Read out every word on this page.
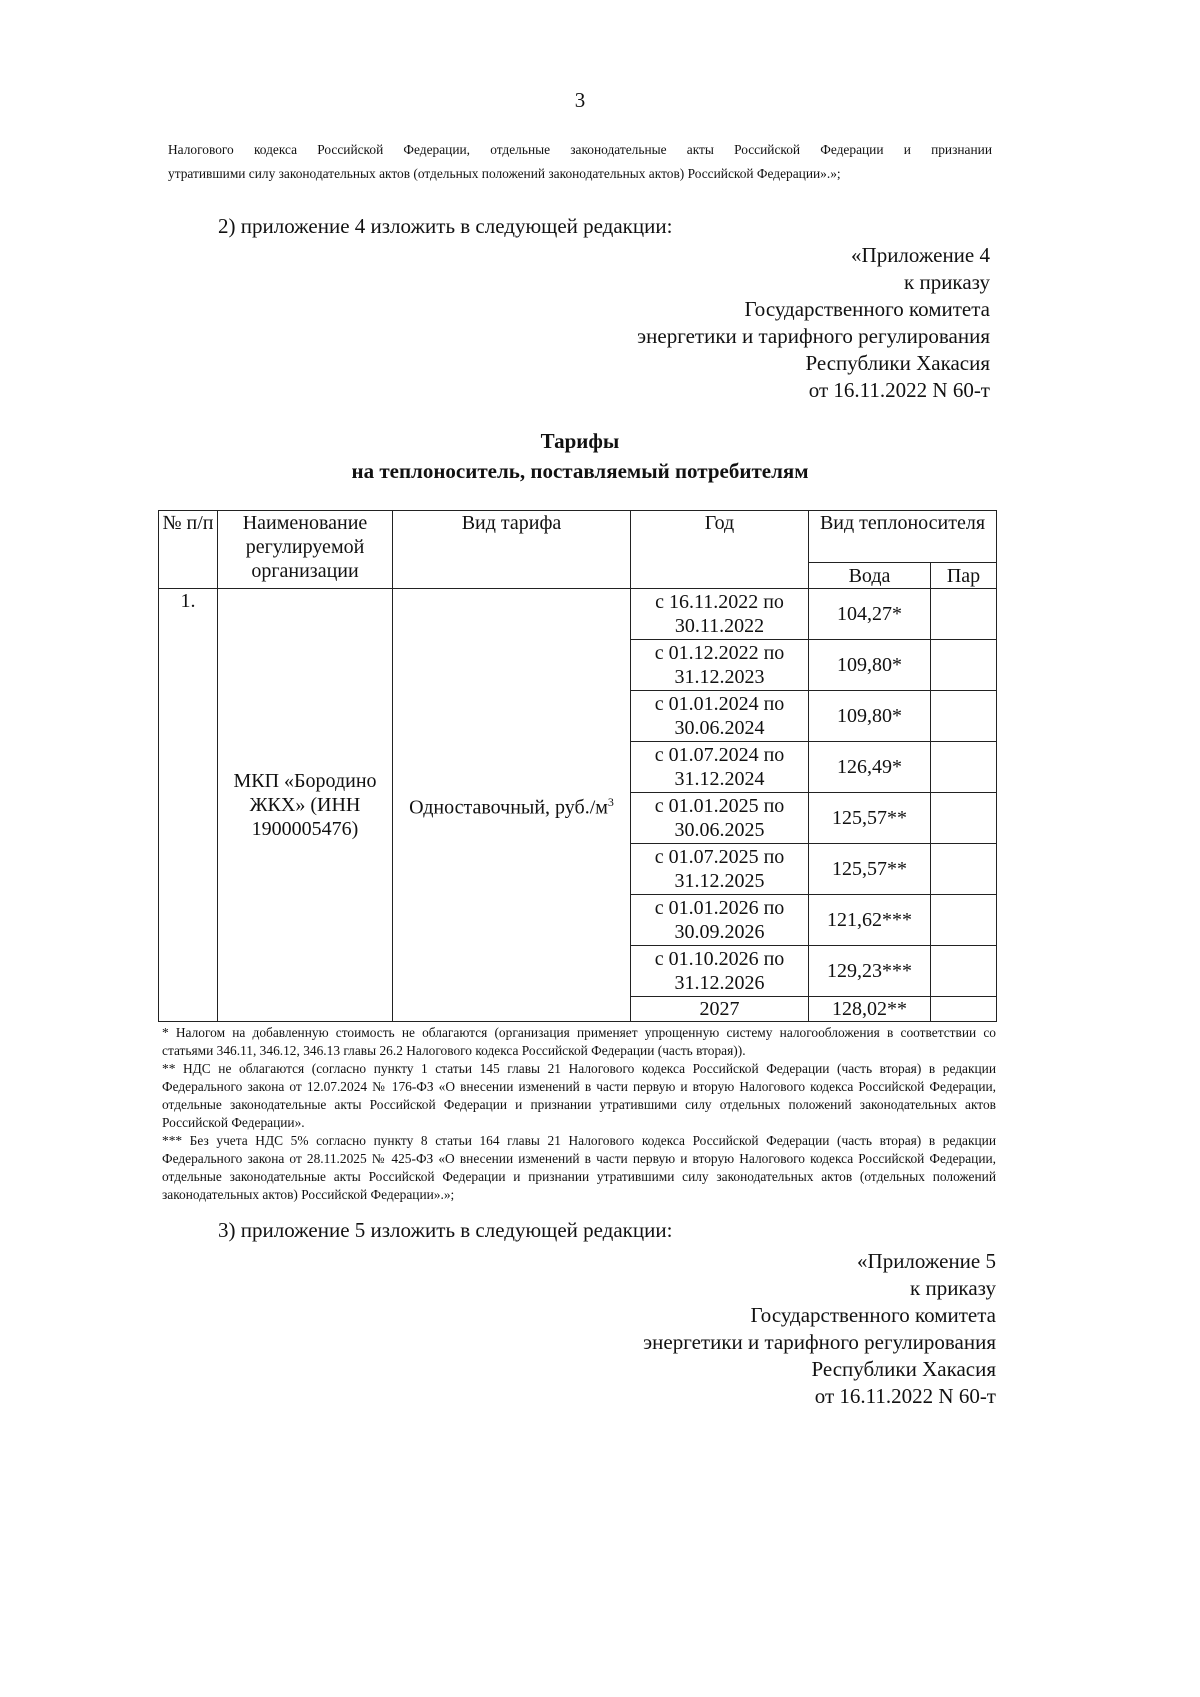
3
Налогового кодекса Российской Федерации, отдельные законодательные акты Российской Федерации и признании
утратившими силу законодательных актов (отдельных положений законодательных актов) Российской Федерации».»;
2) приложение 4 изложить в следующей редакции:
«Приложение 4
к приказу
Государственного комитета
энергетики и тарифного регулирования
Республики Хакасия
от 16.11.2022 N 60-т
Тарифы
на теплоноситель, поставляемый потребителям
№ п/п	Наименование регулируемой организации	Вид тарифа	Год	Вид теплоносителя	
				Вода	Пар
1.	МКП «Бородино ЖКХ» (ИНН 1900005476)	Одноставочный, $руб./м^3$	с 16.11.2022 по 30.11.2022	104,27*	
			с 01.12.2022 по 31.12.2023	109,80*	
			с 01.01.2024 по 30.06.2024	109,80*	
			с 01.07.2024 по 31.12.2024	126,49*	
			с 01.01.2025 по 30.06.2025	125,57**	
			с 01.07.2025 по 31.12.2025	125,57**	
			с 01.01.2026 по 30.09.2026	121,62***	
			с 01.10.2026 по 31.12.2026	129,23***	
			2027	128,02**	
* Налогом на добавленную стоимость не облагаются (организация применяет упрощенную систему налогообложения в соответствии со статьями 346.11, 346.12, 346.13 главы 26.2 Налогового кодекса Российской Федерации (часть вторая)).
** НДС не облагаются (согласно пункту 1 статьи 145 главы 21 Налогового кодекса Российской Федерации (часть вторая) в редакции Федерального закона от 12.07.2024 № 176-ФЗ «О внесении изменений в части первую и вторую Налогового кодекса Российской Федерации, отдельные законодательные акты Российской Федерации и признании утратившими силу отдельных положений законодательных актов Российской Федерации».
*** Без учета НДС 5% согласно пункту 8 статьи 164 главы 21 Налогового кодекса Российской Федерации (часть вторая) в редакции Федерального закона от 28.11.2025 № 425-ФЗ «О внесении изменений в части первую и вторую Налогового кодекса Российской Федерации, отдельные законодательные акты Российской Федерации и признании утратившими силу законодательных актов (отдельных положений законодательных актов) Российской Федерации».»;
3) приложение 5 изложить в следующей редакции:
«Приложение 5
к приказу
Государственного комитета
энергетики и тарифного регулирования
Республики Хакасия
от 16.11.2022 N 60-т
